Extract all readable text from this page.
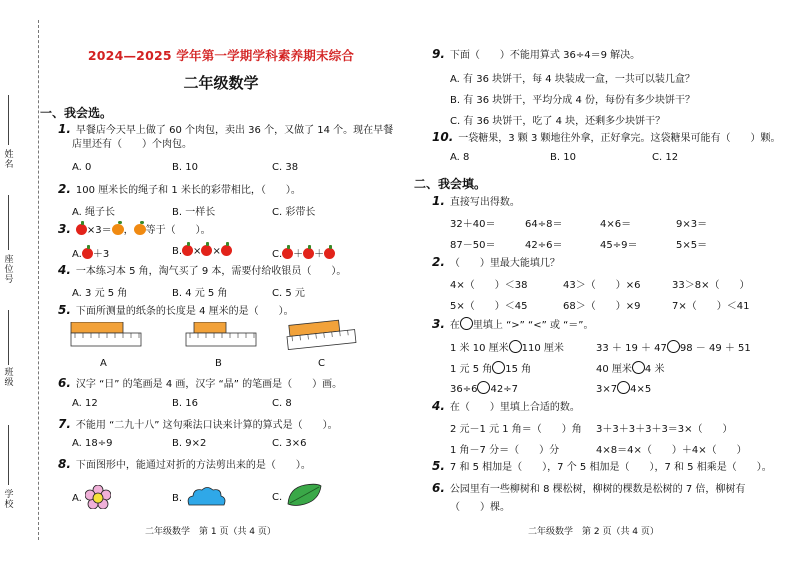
姓名
座位号
班级
学校
2024—2025 学年第一学期学科素养期末综合
二年级数学
一、我会选。
1. 早餐店今天早上做了 60 个肉包，卖出 36 个，又做了 14 个。现在早餐
店里还有（　　）个肉包。
A. 0	B. 10	C. 38
2. 100 厘米长的绳子和 1 米长的彩带相比，（　　）。
A. 绳子长	B. 一样长	C. 彩带长
3. ×3＝ ， 等于（　　）。
A. ＋3	B. × ×	C. ＋ ＋
4. 一本练习本 5 角，淘气买了 9 本，需要付给收银员（　　）。
A. 3 元 5 角	B. 4 元 5 角	C. 5 元
5. 下面所测量的纸条的长度是 4 厘米的是（　　）。
A	B	C
6. 汉字 “日” 的笔画是 4 画，汉字 “晶” 的笔画是（　　）画。
A. 12	B. 16	C. 8
7. 不能用 “二九十八” 这句乘法口诀来计算的算式是（　　）。
A. 18÷9	B. 9×2	C. 3×6
8. 下面图形中，能通过对折的方法剪出来的是（　　）。
A.	B.	C.
二年级数学　第 1 页（共 4 页）
9. 下面（　　）不能用算式 36÷4＝9 解决。
A. 有 36 块饼干，每 4 块装成一盒，一共可以装几盒？
B. 有 36 块饼干，平均分成 4 份，每份有多少块饼干？
C. 有 36 块饼干，吃了 4 块，还剩多少块饼干？
10. 一袋糖果，3 颗 3 颗地往外拿，正好拿完。这袋糖果可能有（　　）颗。
A. 8	B. 10	C. 12
二、我会填。
1. 直接写出得数。
32＋40＝	64÷8＝	4×6＝	9×3＝
87－50＝	42÷6＝	45÷9＝	5×5＝
2. （　　）里最大能填几？
4×（　　）＜38	43＞（　　）×6	33＞8×（　　）
5×（　　）＜45	68＞（　　）×9	7×（　　）＜41
3. 在 里填上 “>” “<” 或 “＝”。
1 米 10 厘米 110 厘米	33 ＋ 19 ＋ 47 98 － 49 ＋ 51
1 元 5 角 15 角	40 厘米 4 米
36÷6 42÷7	3×7 4×5
4. 在（　　）里填上合适的数。
2 元－1 元 1 角＝（　　）角 3＋3＋3＋3＋3＝3×（　　）
1 角－7 分＝（　　）分	4×8＝4×（　　）＋4×（　　）
5. 7 和 5 相加是（　　），7 个 5 相加是（　　），7 和 5 相乘是（　　）。
6. 公园里有一些柳树和 8 棵松树，柳树的棵数是松树的 7 倍，柳树有
（　　）棵。
二年级数学　第 2 页（共 4 页）
